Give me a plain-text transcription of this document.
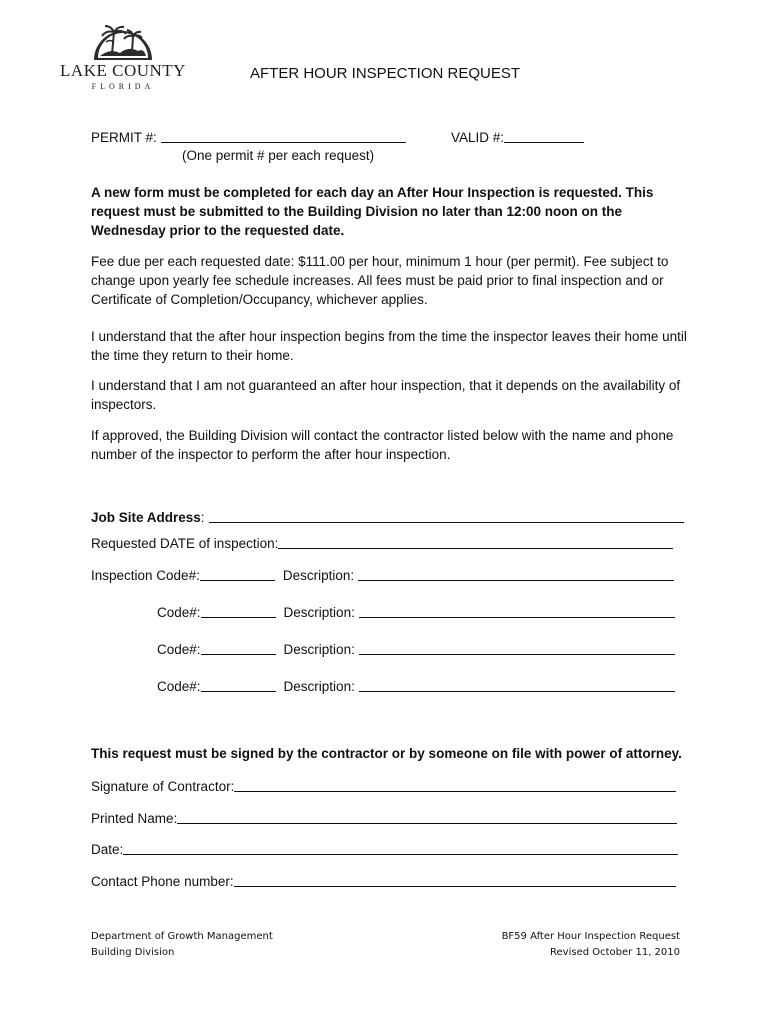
LAKE COUNTY
FLORIDA
AFTER HOUR INSPECTION REQUEST
PERMIT #:	VALID #:
(One permit # per each request)
A new form must be completed for each day an After Hour Inspection is requested. This request must be submitted to the Building Division no later than 12:00 noon on the Wednesday prior to the requested date.
Fee due per each requested date: $111.00 per hour, minimum 1 hour (per permit). Fee subject to change upon yearly fee schedule increases. All fees must be paid prior to final inspection and or Certificate of Completion/Occupancy, whichever applies.
I understand that the after hour inspection begins from the time the inspector leaves their home until the time they return to their home.
I understand that I am not guaranteed an after hour inspection, that it depends on the availability of inspectors.
If approved, the Building Division will contact the contractor listed below with the name and phone number of the inspector to perform the after hour inspection.
Job Site Address :
Requested DATE of inspection:
Inspection Code#:	Description:
Code#:	Description:
Code#:	Description:
Code#:	Description:
This request must be signed by the contractor or by someone on file with power of attorney.
Signature of Contractor:
Printed Name:
Date:
Contact Phone number:
Department of Growth Management
Building Division
BF59 After Hour Inspection Request
Revised October 11, 2010
